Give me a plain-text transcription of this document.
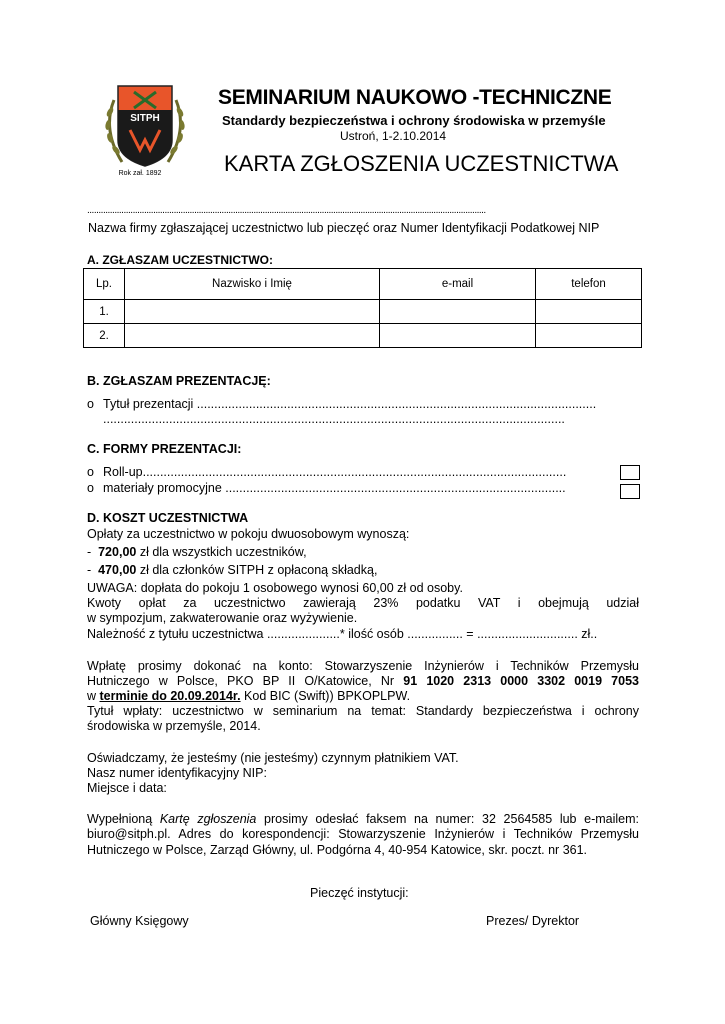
SITPH
Rok zał. 1892
SEMINARIUM NAUKOWO -TECHNICZNE
Standardy bezpieczeństwa i ochrony środowiska w przemyśle
Ustroń, 1-2.10.2014
KARTA ZGŁOSZENIA UCZESTNICTWA
...............................................................................................................................................................................
Nazwa firmy zgłaszającej uczestnictwo lub pieczęć oraz Numer Identyfikacji Podatkowej NIP
A. ZGŁASZAM UCZESTNICTWO:
Lp.	Nazwisko i Imię	e-mail	telefon
1.			
2.			
B. ZGŁASZAM PREZENTACJĘ:
o Tytuł prezentacji ...................................................................................................................
.....................................................................................................................................
C. FORMY PREZENTACJI:
o Roll-up..........................................................................................................................
o materiały promocyjne ..................................................................................................
D. KOSZT UCZESTNICTWA
Opłaty za uczestnictwo w pokoju dwuosobowym wynoszą:
-  720,00 zł dla wszystkich uczestników,
-  470,00 zł dla członków SITPH z opłaconą składką,
UWAGA: dopłata do pokoju 1 osobowego wynosi 60,00 zł od osoby.
Kwoty opłat za uczestnictwo zawierają 23% podatku VAT i obejmują udział
w sympozjum, zakwaterowanie oraz wyżywienie.
Należność z tytułu uczestnictwa .....................* ilość osób ................ = ............................. zł..
Wpłatę prosimy dokonać na konto: Stowarzyszenie Inżynierów i Techników Przemysłu
Hutniczego w Polsce, PKO BP II O/Katowice, Nr 91 1020 2313 0000 3302 0019 7053
w terminie do 20.09.2014r. Kod BIC (Swift)) BPKOPLPW.
Tytuł wpłaty: uczestnictwo w seminarium na temat: Standardy bezpieczeństwa i ochrony
środowiska w przemyśle, 2014.
Oświadczamy, że jesteśmy (nie jesteśmy) czynnym płatnikiem VAT.
Nasz numer identyfikacyjny NIP:
Miejsce i data:
Wypełnioną Kartę zgłoszenia prosimy odesłać faksem na numer: 32 2564585 lub e-mailem:
biuro@sitph.pl. Adres do korespondencji: Stowarzyszenie Inżynierów i Techników Przemysłu
Hutniczego w Polsce, Zarząd Główny, ul. Podgórna 4, 40-954 Katowice, skr. poczt. nr 361.
Pieczęć instytucji:
Główny Księgowy	Prezes/ Dyrektor
